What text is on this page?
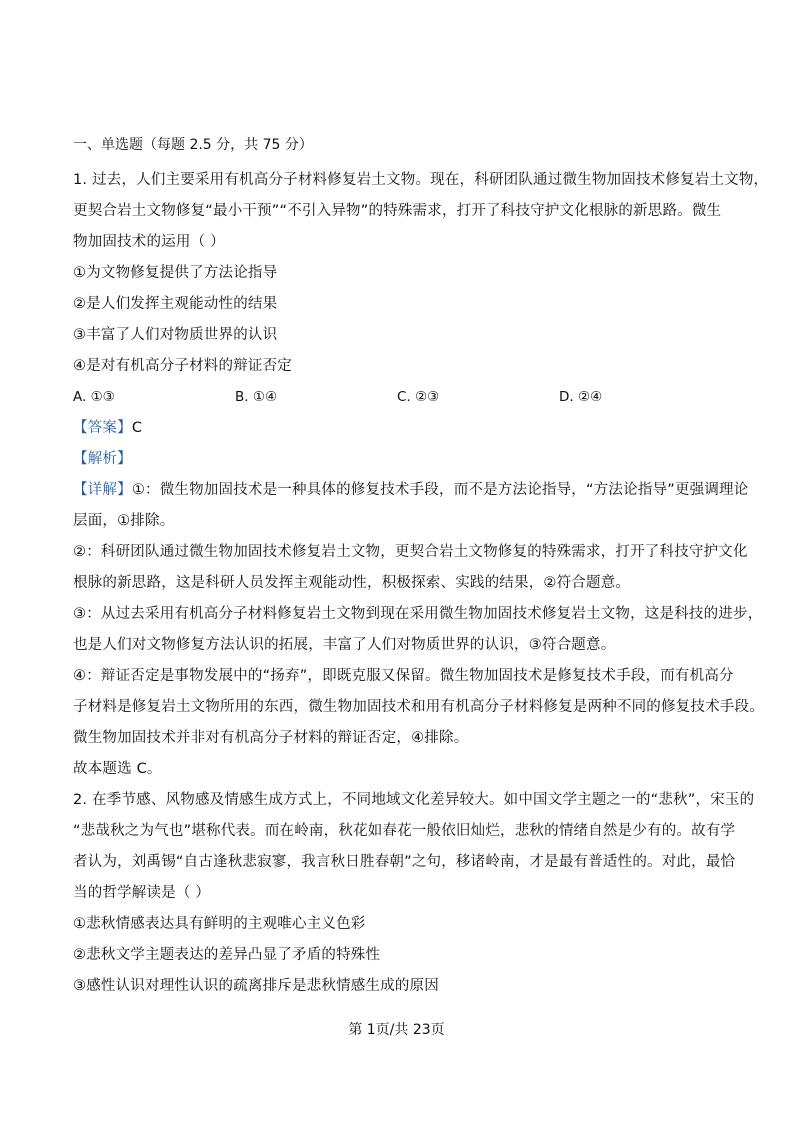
一、单选题（每题 2.5 分，共 75 分）
1. 过去，人们主要采用有机高分子材料修复岩土文物。现在，科研团队通过微生物加固技术修复岩土文物，
更契合岩土文物修复“最小干预”“不引入异物”的特殊需求，打开了科技守护文化根脉的新思路。微生
物加固技术的运用（ ）
①为文物修复提供了方法论指导
②是人们发挥主观能动性的结果
③丰富了人们对物质世界的认识
④是对有机高分子材料的辩证否定
A. ①③	B. ①④	C. ②③	D. ②④
【答案】C
【解析】
【详解】①：微生物加固技术是一种具体的修复技术手段，而不是方法论指导，“方法论指导”更强调理论
层面，①排除。
②：科研团队通过微生物加固技术修复岩土文物，更契合岩土文物修复的特殊需求，打开了科技守护文化
根脉的新思路，这是科研人员发挥主观能动性，积极探索、实践的结果，②符合题意。
③：从过去采用有机高分子材料修复岩土文物到现在采用微生物加固技术修复岩土文物，这是科技的进步，
也是人们对文物修复方法认识的拓展，丰富了人们对物质世界的认识，③符合题意。
④：辩证否定是事物发展中的“扬弃”，即既克服又保留。微生物加固技术是修复技术手段，而有机高分
子材料是修复岩土文物所用的东西，微生物加固技术和用有机高分子材料修复是两种不同的修复技术手段。
微生物加固技术并非对有机高分子材料的辩证否定，④排除。
故本题选 C。
2. 在季节感、风物感及情感生成方式上，不同地域文化差异较大。如中国文学主题之一的“悲秋”，宋玉的
“悲哉秋之为气也”堪称代表。而在岭南，秋花如春花一般依旧灿烂，悲秋的情绪自然是少有的。故有学
者认为，刘禹锡“自古逢秋悲寂寥，我言秋日胜春朝”之句，移诸岭南，才是最有普适性的。对此，最恰
当的哲学解读是（ ）
①悲秋情感表达具有鲜明的主观唯心主义色彩
②悲秋文学主题表达的差异凸显了矛盾的特殊性
③感性认识对理性认识的疏离排斥是悲秋情感生成的原因
第 1页/共 23页
